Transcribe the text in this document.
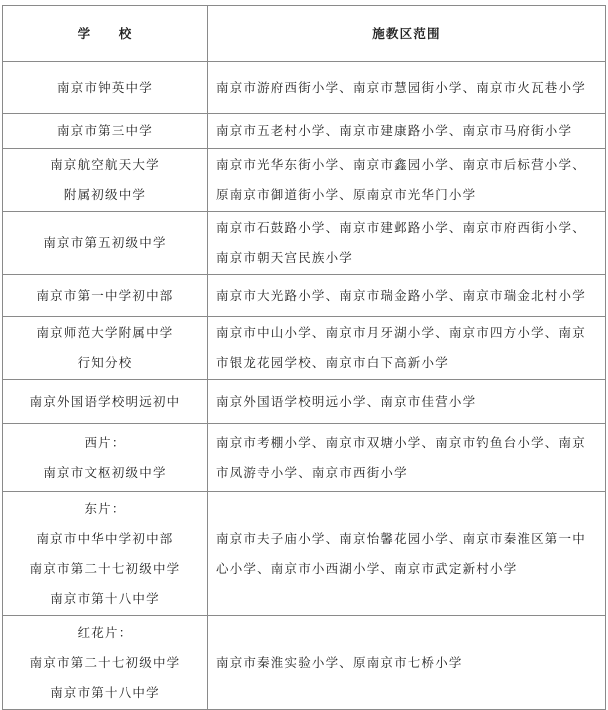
学　　校	施教区范围

南京市钟英中学	南京市游府西街小学、南京市慧园街小学、南京市火瓦巷小学

南京市第三中学	南京市五老村小学、南京市建康路小学、南京市马府街小学

南京航空航天大学
附属初级中学	南京市光华东街小学、南京市鑫园小学、南京市后标营小学、原南京市御道街小学、原南京市光华门小学

南京市第五初级中学	南京市石鼓路小学、南京市建邺路小学、南京市府西街小学、南京市朝天宫民族小学

南京市第一中学初中部	南京市大光路小学、南京市瑞金路小学、南京市瑞金北村小学

南京师范大学附属中学
行知分校	南京市中山小学、南京市月牙湖小学、南京市四方小学、南京市银龙花园学校、南京市白下高新小学

南京外国语学校明远初中	南京外国语学校明远小学、南京市佳营小学

西片：
南京市文枢初级中学	南京市考棚小学、南京市双塘小学、南京市钓鱼台小学、南京市凤游寺小学、南京市西街小学

东片：
南京市中华中学初中部
南京市第二十七初级中学
南京市第十八中学	南京市夫子庙小学、南京怡馨花园小学、南京市秦淮区第一中心小学、南京市小西湖小学、南京市武定新村小学

红花片：
南京市第二十七初级中学
南京市第十八中学	南京市秦淮实验小学、原南京市七桥小学
